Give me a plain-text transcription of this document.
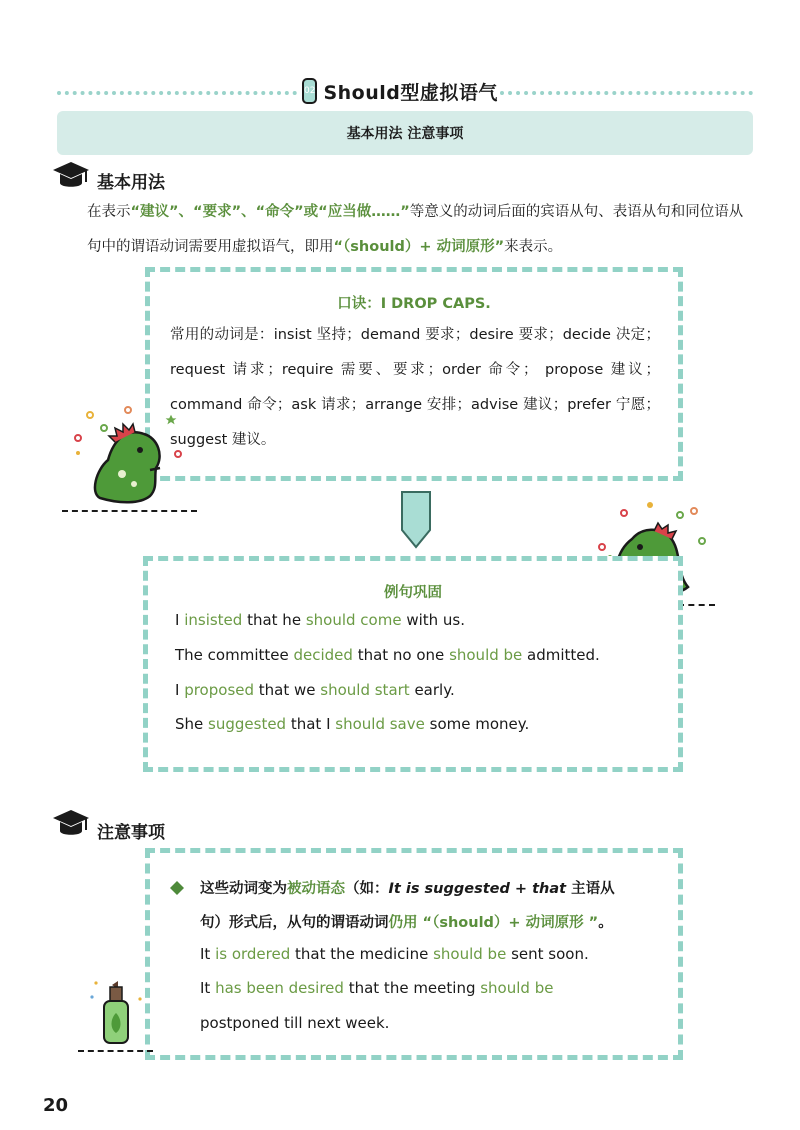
02 Should型虚拟语气
基本用法 注意事项
基本用法
在表示“建议”、“要求”、“命令”或“应当做……”等意义的动词后面的宾语从句、表语从句和同位语从句中的谓语动词需要用虚拟语气，即用“（should）+ 动词原形”来表示。
口诀：I DROP CAPS.
常用的动词是：insist 坚持；demand 要求；desire 要求；decide 决定；request 请求；require 需要、要求；order 命令； propose 建议；command 命令；ask 请求；arrange 安排；advise 建议；prefer 宁愿；suggest 建议。
例句巩固
I insisted that he should come with us.
The committee decided that no one should be admitted.
I proposed that we should start early.
She suggested that I should save some money.
注意事项
这些动词变为被动语态（如：It is suggested + that 主语从
句）形式后，从句的谓语动词仍用 “（should）+ 动词原形 ”。
It is ordered that the medicine should be sent soon.
It has been desired that the meeting should be
postponed till next week.
20
